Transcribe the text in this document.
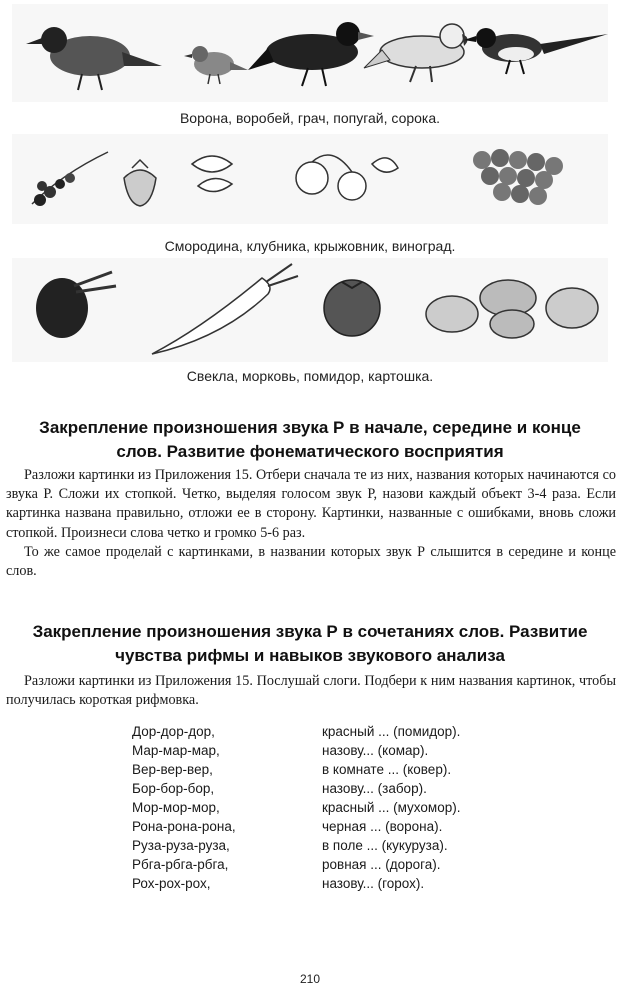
Ворона, воробей, грач, попугай, сорока.
Смородина, клубника, крыжовник, виноград.
Свекла, морковь, помидор, картошка.
Закрепление произношения звука Р в начале, середине и конце слов. Развитие фонематического восприятия

Разложи картинки из Приложения 15. Отбери сначала те из них, названия которых начинаются со звука Р. Сложи их стопкой. Четко, выделяя голосом звук Р, назови каждый объект 3-4 раза. Если картинка названа правильно, отложи ее в сторону. Картинки, названные с ошибками, вновь сложи стопкой. Произнеси слова четко и громко 5-6 раз.

То же самое проделай с картинками, в названии которых звук Р слышится в середине и конце слов.

Закрепление произношения звука Р в сочетаниях слов. Развитие чувства рифмы и навыков звукового анализа

Разложи картинки из Приложения 15. Послушай слоги. Подбери к ним названия картинок, чтобы получилась короткая рифмовка.

Дор-дор-дор,	красный ... (помидор).
Мар-мар-мар,	назову... (комар).
Вер-вер-вер,	в комнате ... (ковер).
Бор-бор-бор,	назову... (забор).
Мор-мор-мор,	красный ... (мухомор).
Рона-рона-рона,	черная ... (ворона).
Руза-руза-руза,	в поле ... (кукуруза).
Рбга-рбга-рбга,	ровная ... (дорога).
Рох-рох-рох,	назову... (горох).
210
